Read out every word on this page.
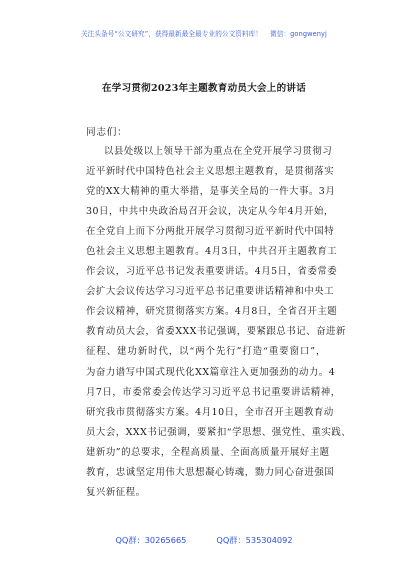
关注头条号“公文研究”，获得最新最全最专业的公文资料库！ 微信：gongwenyj
在学习贯彻2023年主题教育动员大会上的讲话
同志们：
以县处级以上领导干部为重点在全党开展学习贯彻习
近平新时代中国特色社会主义思想主题教育，是贯彻落实
党的XX大精神的重大举措，是事关全局的一件大事。3月
30日，中共中央政治局召开会议，决定从今年4月开始，
在全党自上而下分两批开展学习贯彻习近平新时代中国特
色社会主义思想主题教育。4月3日，中共召开主题教育工
作会议，习近平总书记发表重要讲话。4月5日，省委常委
会扩大会议传达学习习近平总书记重要讲话精神和中央工
作会议精神，研究贯彻落实方案。4月8日，全省召开主题
教育动员大会，省委XXX书记强调，要紧跟总书记、奋进新
征程、建功新时代，以“两个先行”打造“重要窗口”，
为奋力谱写中国式现代化XX篇章注入更加强劲的动力。4
月7日，市委常委会传达学习习近平总书记重要讲话精神，
研究我市贯彻落实方案。4月10日，全市召开主题教育动
员大会，XXX书记强调，要紧扣“学思想、强党性、重实践、
建新功”的总要求，全程高质量、全面高质量开展好主题
教育，忠诚坚定用伟大思想凝心铸魂，勠力同心奋进强国
复兴新征程。
QQ群：30265665	QQ群：535304092
